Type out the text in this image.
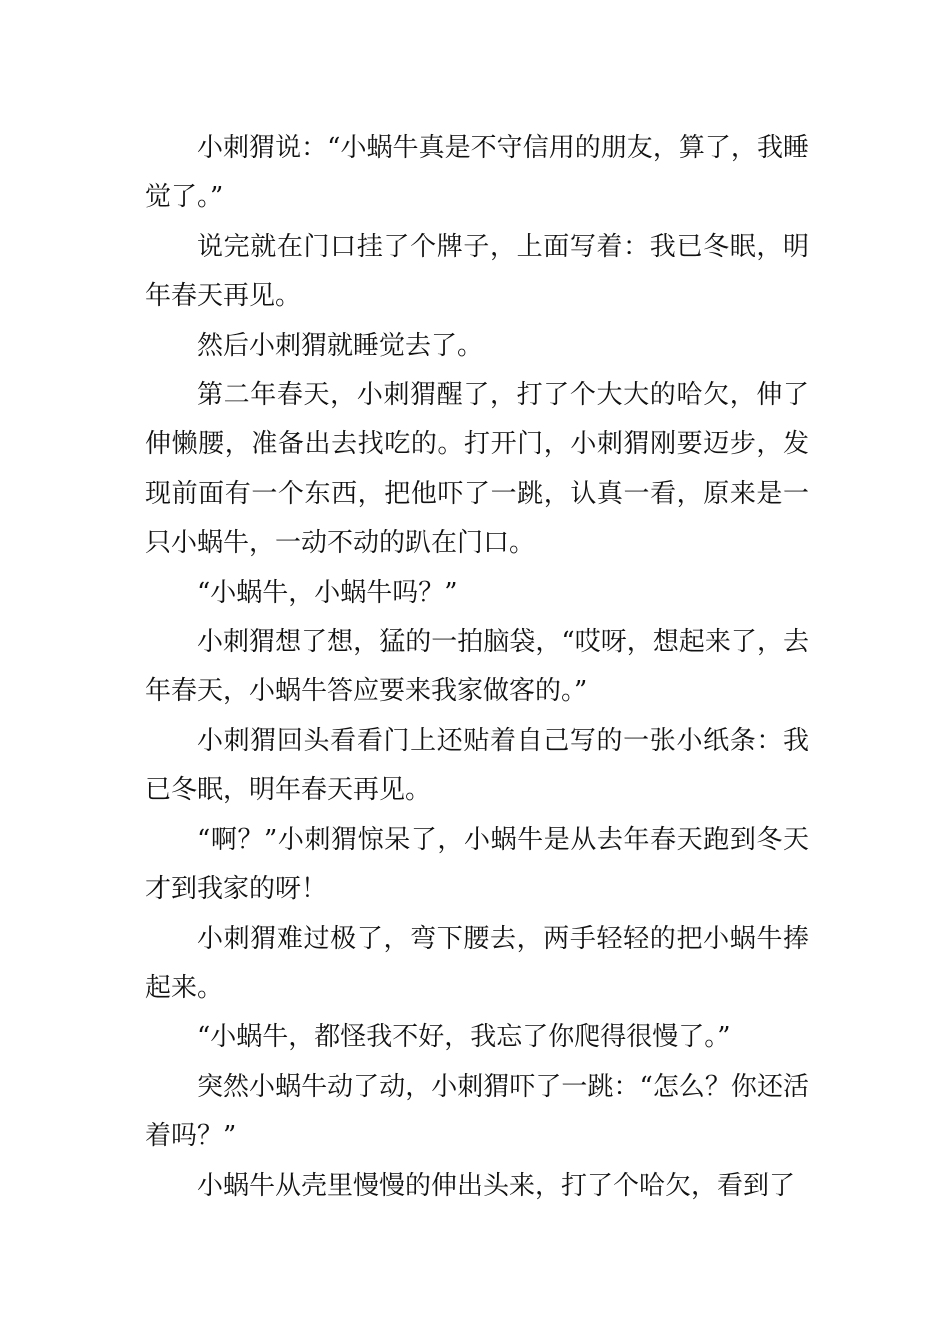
小刺猬说：“小蜗牛真是不守信用的朋友，算了，我睡觉了。”

说完就在门口挂了个牌子，上面写着：我已冬眠，明年春天再见。

然后小刺猬就睡觉去了。

第二年春天，小刺猬醒了，打了个大大的哈欠，伸了伸懒腰，准备出去找吃的。打开门，小刺猬刚要迈步，发现前面有一个东西，把他吓了一跳，认真一看，原来是一只小蜗牛，一动不动的趴在门口。

“小蜗牛，小蜗牛吗？”

小刺猬想了想，猛的一拍脑袋，“哎呀，想起来了，去年春天，小蜗牛答应要来我家做客的。”

小刺猬回头看看门上还贴着自己写的一张小纸条：我已冬眠，明年春天再见。

“啊？”小刺猬惊呆了，小蜗牛是从去年春天跑到冬天才到我家的呀！

小刺猬难过极了，弯下腰去，两手轻轻的把小蜗牛捧起来。

“小蜗牛，都怪我不好，我忘了你爬得很慢了。”

突然小蜗牛动了动，小刺猬吓了一跳：“怎么？你还活着吗？”

小蜗牛从壳里慢慢的伸出头来，打了个哈欠，看到了
